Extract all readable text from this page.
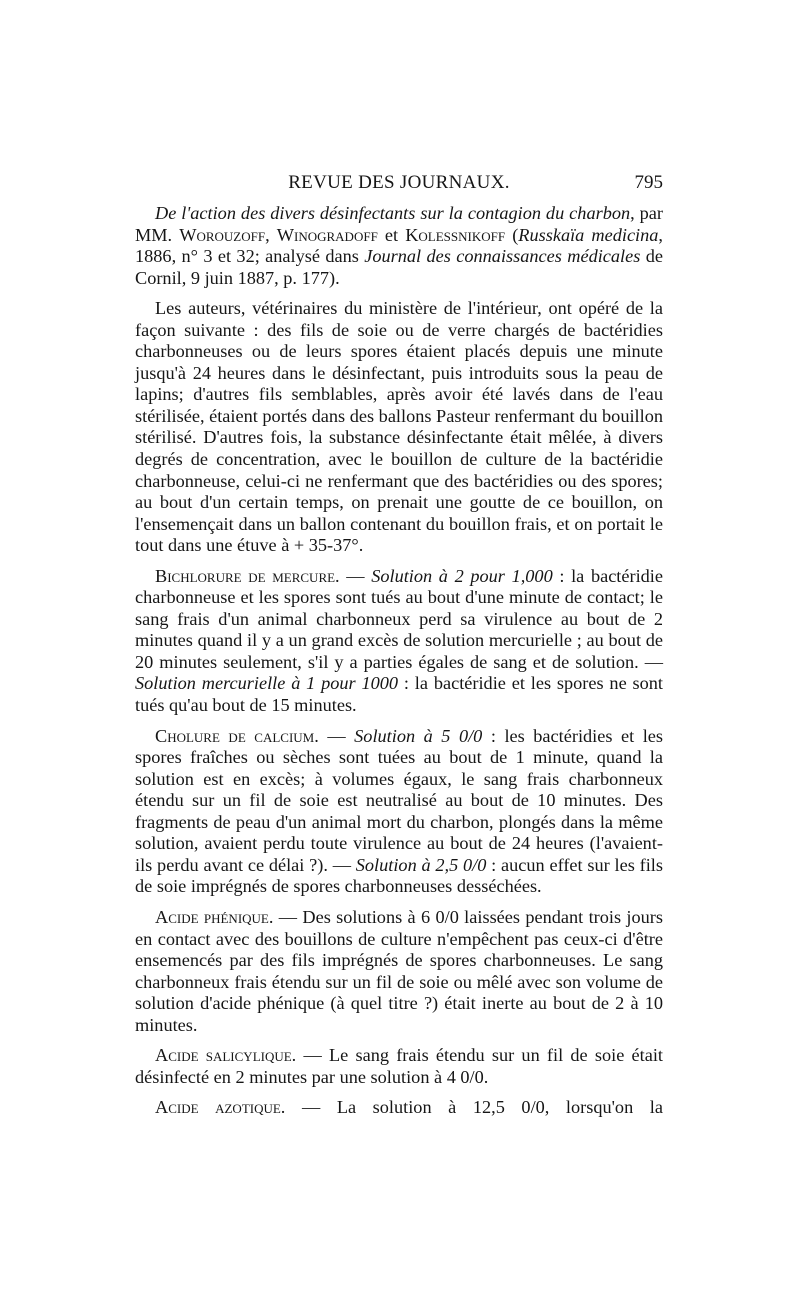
REVUE DES JOURNAUX.	795

De l'action des divers désinfectants sur la contagion du charbon, par MM. Worouzoff, Winogradoff et Kolessnikoff (Russkaïa medicina, 1886, n° 3 et 32; analysé dans Journal des connaissances médicales de Cornil, 9 juin 1887, p. 177).

Les auteurs, vétérinaires du ministère de l'intérieur, ont opéré de la façon suivante : des fils de soie ou de verre chargés de bactéridies charbonneuses ou de leurs spores étaient placés depuis une minute jusqu'à 24 heures dans le désinfectant, puis introduits sous la peau de lapins; d'autres fils semblables, après avoir été lavés dans de l'eau stérilisée, étaient portés dans des ballons Pasteur renfermant du bouillon stérilisé. D'autres fois, la substance désinfectante était mêlée, à divers degrés de concentration, avec le bouillon de culture de la bactéridie charbonneuse, celui-ci ne renfermant que des bactéridies ou des spores; au bout d'un certain temps, on prenait une goutte de ce bouillon, on l'ensemençait dans un ballon contenant du bouillon frais, et on portait le tout dans une étuve à + 35-37°.

Bichlorure de mercure. — Solution à 2 pour 1,000 : la bactéridie charbonneuse et les spores sont tués au bout d'une minute de contact; le sang frais d'un animal charbonneux perd sa virulence au bout de 2 minutes quand il y a un grand excès de solution mercurielle ; au bout de 20 minutes seulement, s'il y a parties égales de sang et de solution. — Solution mercurielle à 1 pour 1000 : la bactéridie et les spores ne sont tués qu'au bout de 15 minutes.

Cholure de calcium. — Solution à 5 0/0 : les bactéridies et les spores fraîches ou sèches sont tuées au bout de 1 minute, quand la solution est en excès; à volumes égaux, le sang frais charbonneux étendu sur un fil de soie est neutralisé au bout de 10 minutes. Des fragments de peau d'un animal mort du charbon, plongés dans la même solution, avaient perdu toute virulence au bout de 24 heures (l'avaient-ils perdu avant ce délai ?). — Solution à 2,5 0/0 : aucun effet sur les fils de soie imprégnés de spores charbonneuses desséchées.

Acide phénique. — Des solutions à 6 0/0 laissées pendant trois jours en contact avec des bouillons de culture n'empêchent pas ceux-ci d'être ensemencés par des fils imprégnés de spores charbonneuses. Le sang charbonneux frais étendu sur un fil de soie ou mêlé avec son volume de solution d'acide phénique (à quel titre ?) était inerte au bout de 2 à 10 minutes.

Acide salicylique. — Le sang frais étendu sur un fil de soie était désinfecté en 2 minutes par une solution à 4 0/0.

Acide azotique. — La solution à 12,5 0/0, lorsqu'on la
